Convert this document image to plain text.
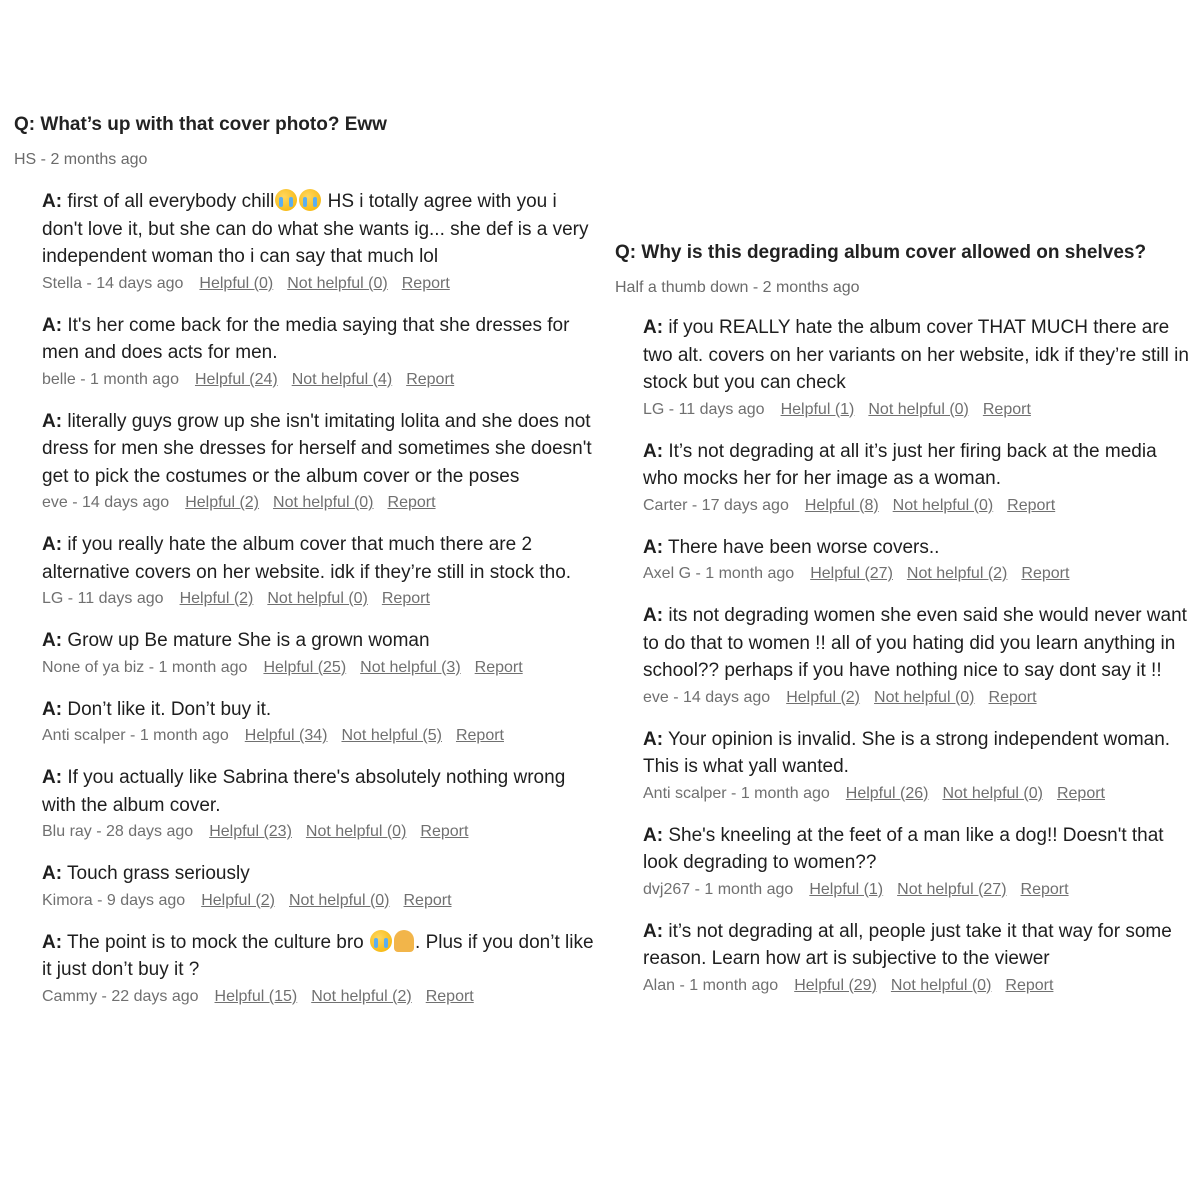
Q: What’s up with that cover photo? Eww
HS - 2 months ago
A: first of all everybody chill	HS i totally agree with you i don't love it, but she can do what she wants ig... she def is a very independent woman tho i can say that much lol
Stella - 14 days ago Helpful (0) Not helpful (0) Report
A: It's her come back for the media saying that she dresses for men and does acts for men.
belle - 1 month ago Helpful (24) Not helpful (4) Report
A: literally guys grow up she isn't imitating lolita and she does not dress for men she dresses for herself and sometimes she doesn't get to pick the costumes or the album cover or the poses
eve - 14 days ago Helpful (2) Not helpful (0) Report
A: if you really hate the album cover that much there are 2 alternative covers on her website. idk if they’re still in stock tho.
LG - 11 days ago Helpful (2) Not helpful (0) Report
A: Grow up Be mature She is a grown woman
None of ya biz - 1 month ago Helpful (25) Not helpful (3) Report
A: Don’t like it. Don’t buy it.
Anti scalper - 1 month ago Helpful (34) Not helpful (5) Report
A: If you actually like Sabrina there's absolutely nothing wrong with the album cover.
Blu ray - 28 days ago Helpful (23) Not helpful (0) Report
A: Touch grass seriously
Kimora - 9 days ago Helpful (2) Not helpful (0) Report
A: The point is to mock the culture bro . Plus if you don’t like it just don’t buy it ?
Cammy - 22 days ago Helpful (15) Not helpful (2) Report
Q: Why is this degrading album cover allowed on shelves?
Half a thumb down - 2 months ago
A: if you REALLY hate the album cover THAT MUCH there are two alt. covers on her variants on her website, idk if they’re still in stock but you can check
LG - 11 days ago Helpful (1) Not helpful (0) Report
A: It’s not degrading at all it’s just her firing back at the media who mocks her for her image as a woman.
Carter - 17 days ago Helpful (8) Not helpful (0) Report
A: There have been worse covers..
Axel G - 1 month ago Helpful (27) Not helpful (2) Report
A: its not degrading women she even said she would never want to do that to women !! all of you hating did you learn anything in school?? perhaps if you have nothing nice to say dont say it !!
eve - 14 days ago Helpful (2) Not helpful (0) Report
A: Your opinion is invalid. She is a strong independent woman. This is what yall wanted.
Anti scalper - 1 month ago Helpful (26) Not helpful (0) Report
A: She's kneeling at the feet of a man like a dog!! Doesn't that look degrading to women??
dvj267 - 1 month ago Helpful (1) Not helpful (27) Report
A: it’s not degrading at all, people just take it that way for some reason. Learn how art is subjective to the viewer
Alan - 1 month ago Helpful (29) Not helpful (0) Report
